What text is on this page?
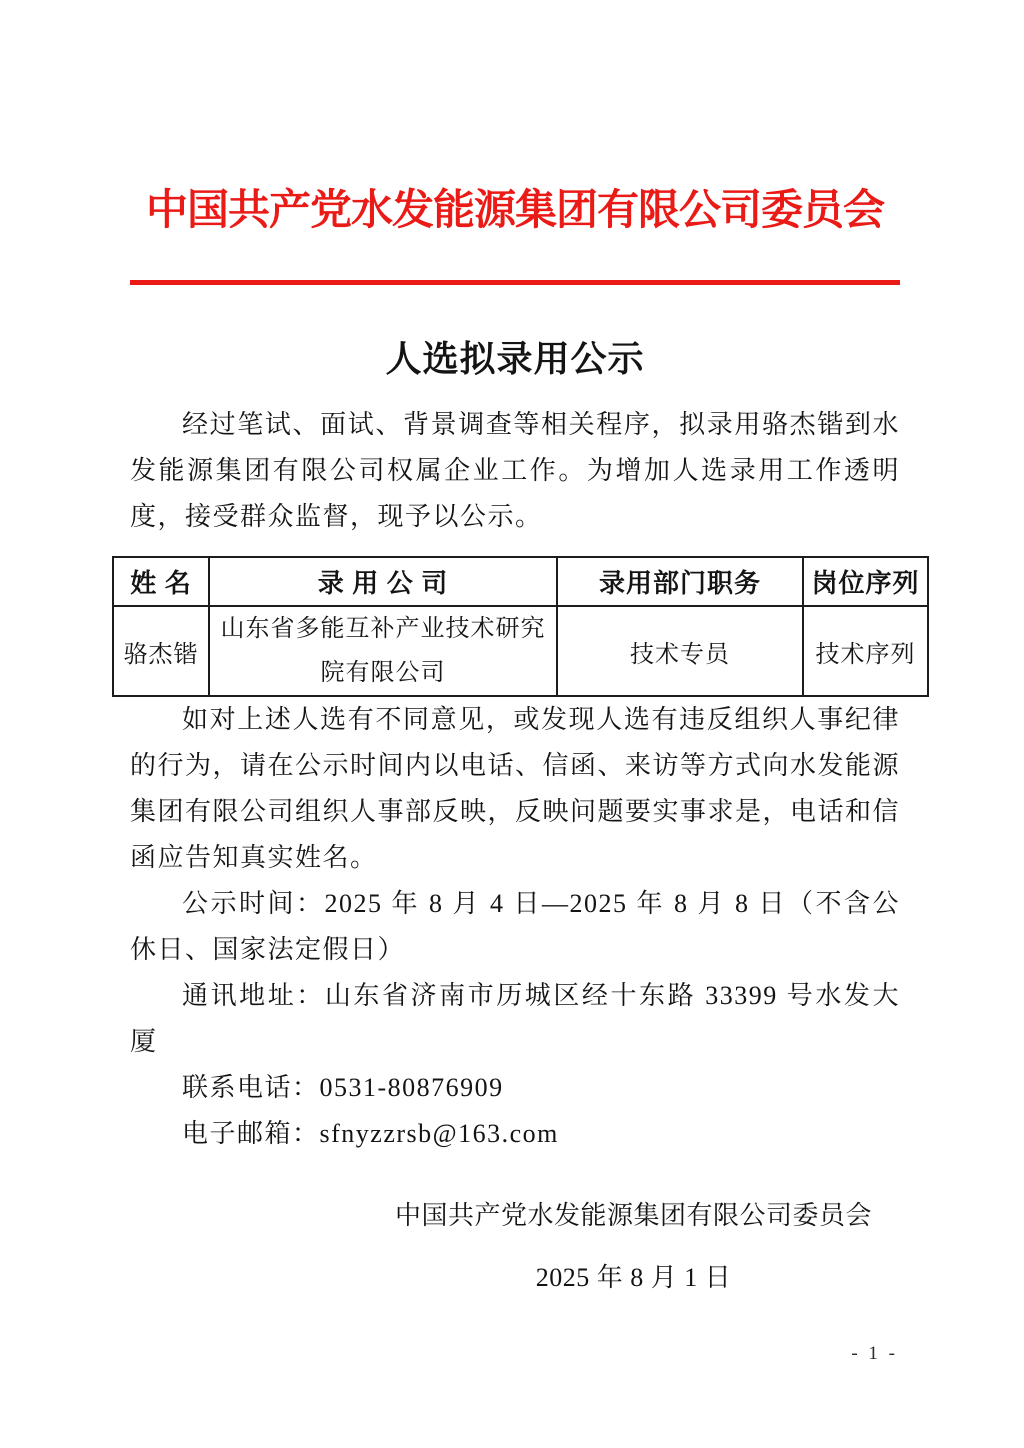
中国共产党水发能源集团有限公司委员会
人选拟录用公示

经过笔试、面试、背景调查等相关程序，拟录用骆杰锴到水发能源集团有限公司权属企业工作。为增加人选录用工作透明度，接受群众监督，现予以公示。

姓 名	录 用 公 司	录用部门职务	岗位序列
骆杰锴	山东省多能互补产业技术研究院有限公司	技术专员	技术序列

如对上述人选有不同意见，或发现人选有违反组织人事纪律的行为，请在公示时间内以电话、信函、来访等方式向水发能源集团有限公司组织人事部反映，反映问题要实事求是，电话和信函应告知真实姓名。

公示时间：2025 年 8 月 4 日—2025 年 8 月 8 日（不含公休日、国家法定假日）

通讯地址：山东省济南市历城区经十东路 33399 号水发大厦

联系电话：0531-80876909

电子邮箱：sfnyzzrsb@163.com

中国共产党水发能源集团有限公司委员会

2025 年 8 月 1 日

- 1 -
